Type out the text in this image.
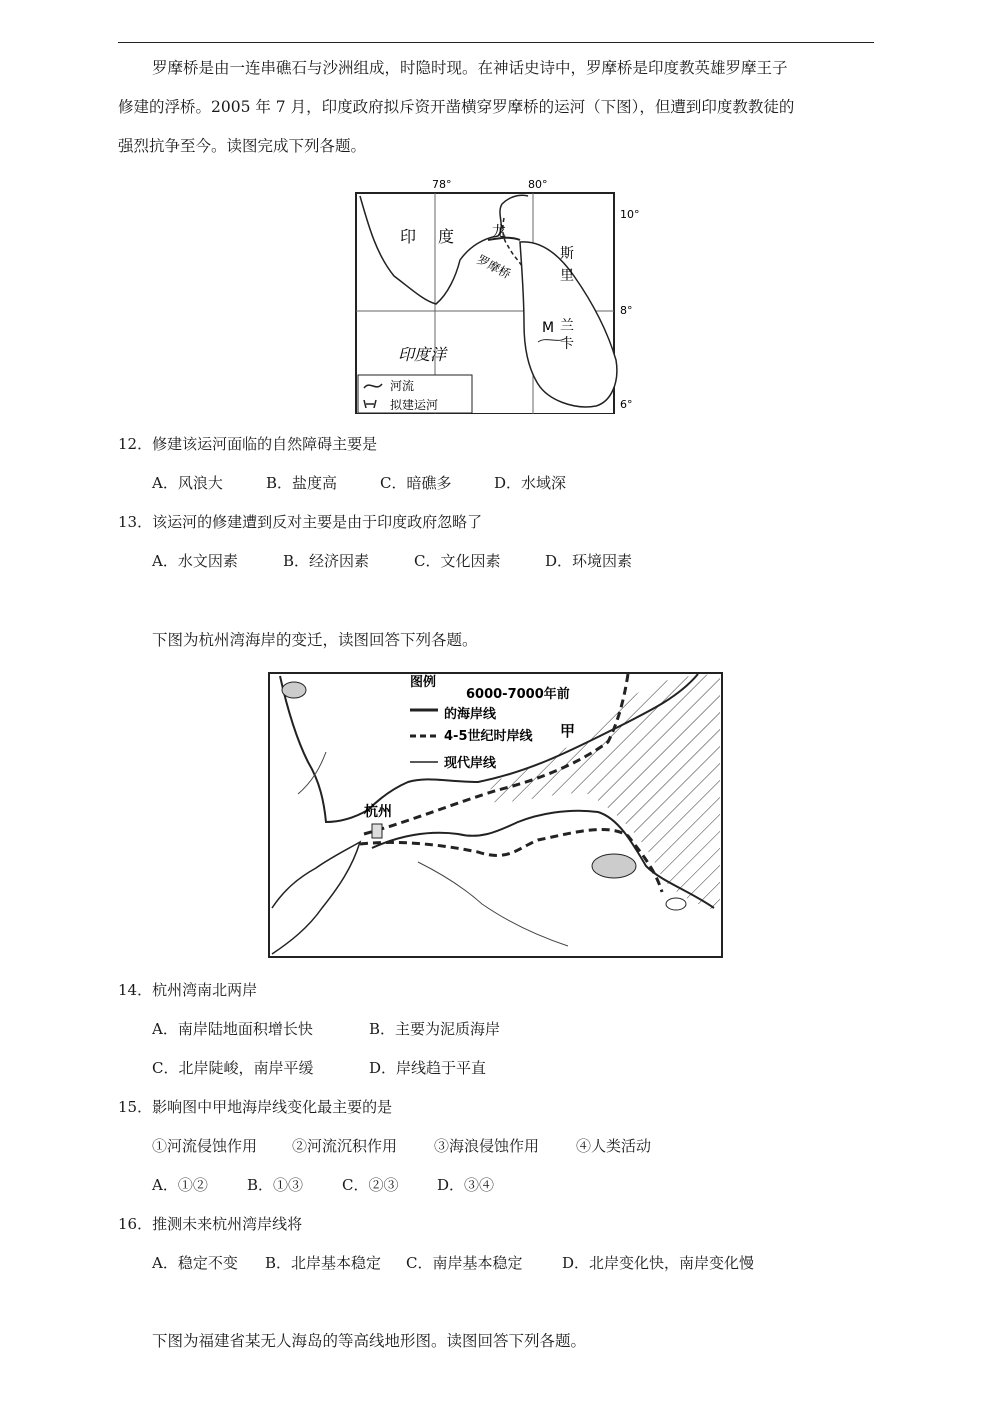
罗摩桥是由一连串礁石与沙洲组成，时隐时现。在神话史诗中，罗摩桥是印度教英雄罗摩王子
修建的浮桥。2005 年 7 月，印度政府拟斥资开凿横穿罗摩桥的运河（下图），但遭到印度教教徒的
强烈抗争至今。读图完成下列各题。
78°	80°
10°
8°
6°
印 度	龙
罗摩桥	斯
里
兰
卡
M
印度洋
河流
拟建运河
12．修建该运河面临的自然障碍主要是
A．风浪大	B．盐度高	C．暗礁多	D．水域深
13．该运河的修建遭到反对主要是由于印度政府忽略了
A．水文因素	B．经济因素	C．文化因素	D．环境因素
下图为杭州湾海岸的变迁，读图回答下列各题。
杭州
甲
图例
6000-7000年前
的海岸线
4-5世纪时岸线
现代岸线
14．杭州湾南北两岸
A．南岸陆地面积增长快	B．主要为泥质海岸
C．北岸陡峻，南岸平缓	D．岸线趋于平直
15．影响图中甲地海岸线变化最主要的是
①河流侵蚀作用 ②河流沉积作用 ③海浪侵蚀作用 ④人类活动
A．①②	B．①③	C．②③	D．③④
16．推测未来杭州湾岸线将
A．稳定不变 B．北岸基本稳定 C．南岸基本稳定	D．北岸变化快，南岸变化慢
下图为福建省某无人海岛的等高线地形图。读图回答下列各题。
